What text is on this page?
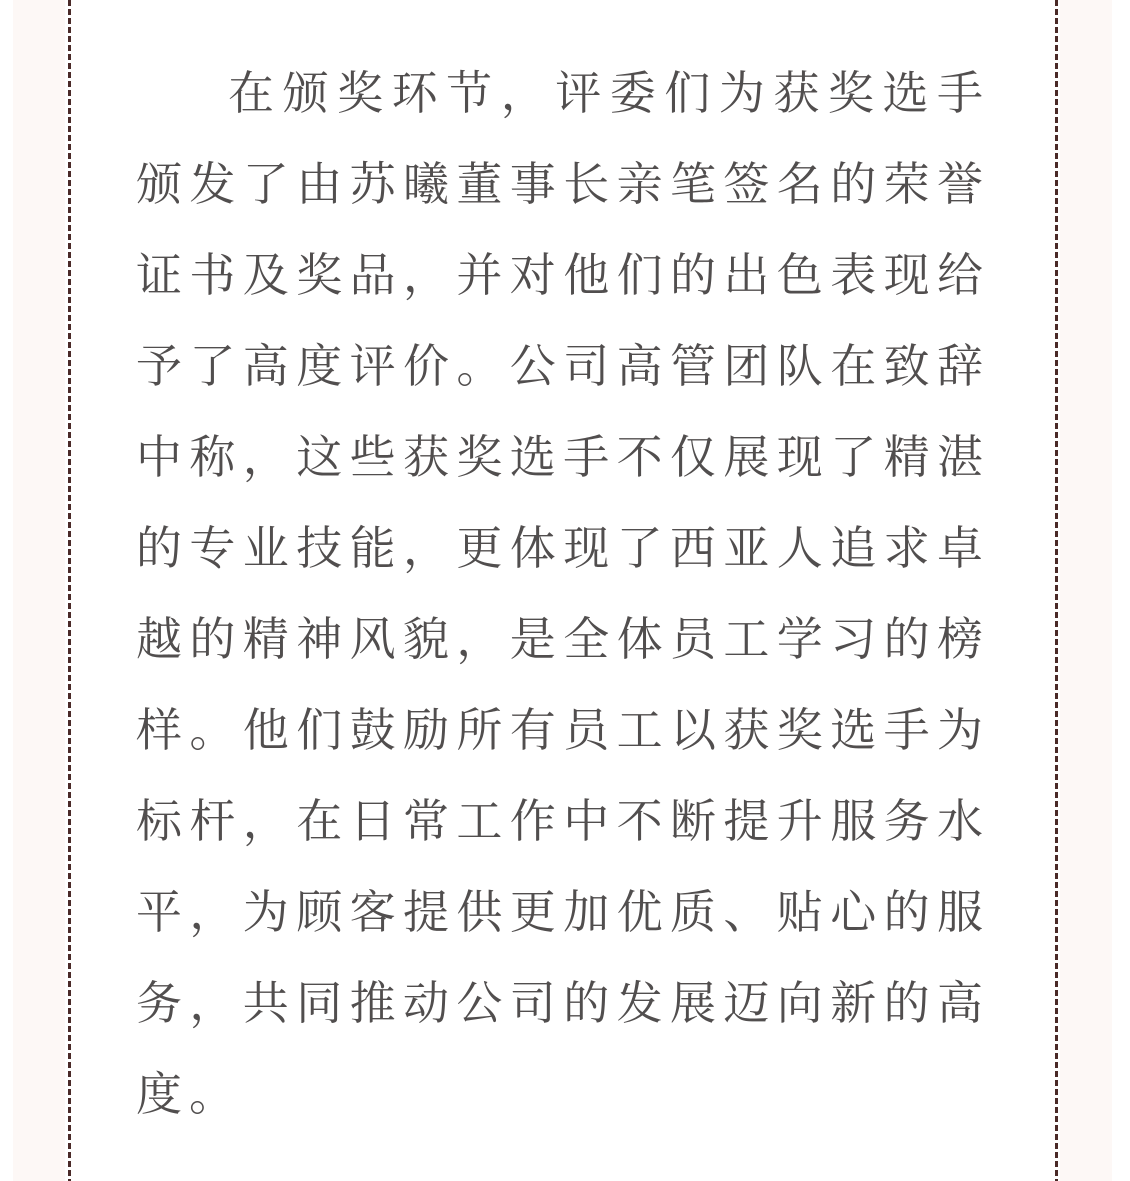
在颁奖环节，评委们为获奖选手
颁发了由苏曦董事长亲笔签名的荣誉
证书及奖品，并对他们的出色表现给
予了高度评价。公司高管团队在致辞
中称，这些获奖选手不仅展现了精湛
的专业技能，更体现了西亚人追求卓
越的精神风貌，是全体员工学习的榜
样。他们鼓励所有员工以获奖选手为
标杆，在日常工作中不断提升服务水
平，为顾客提供更加优质、贴心的服
务，共同推动公司的发展迈向新的高
度。
